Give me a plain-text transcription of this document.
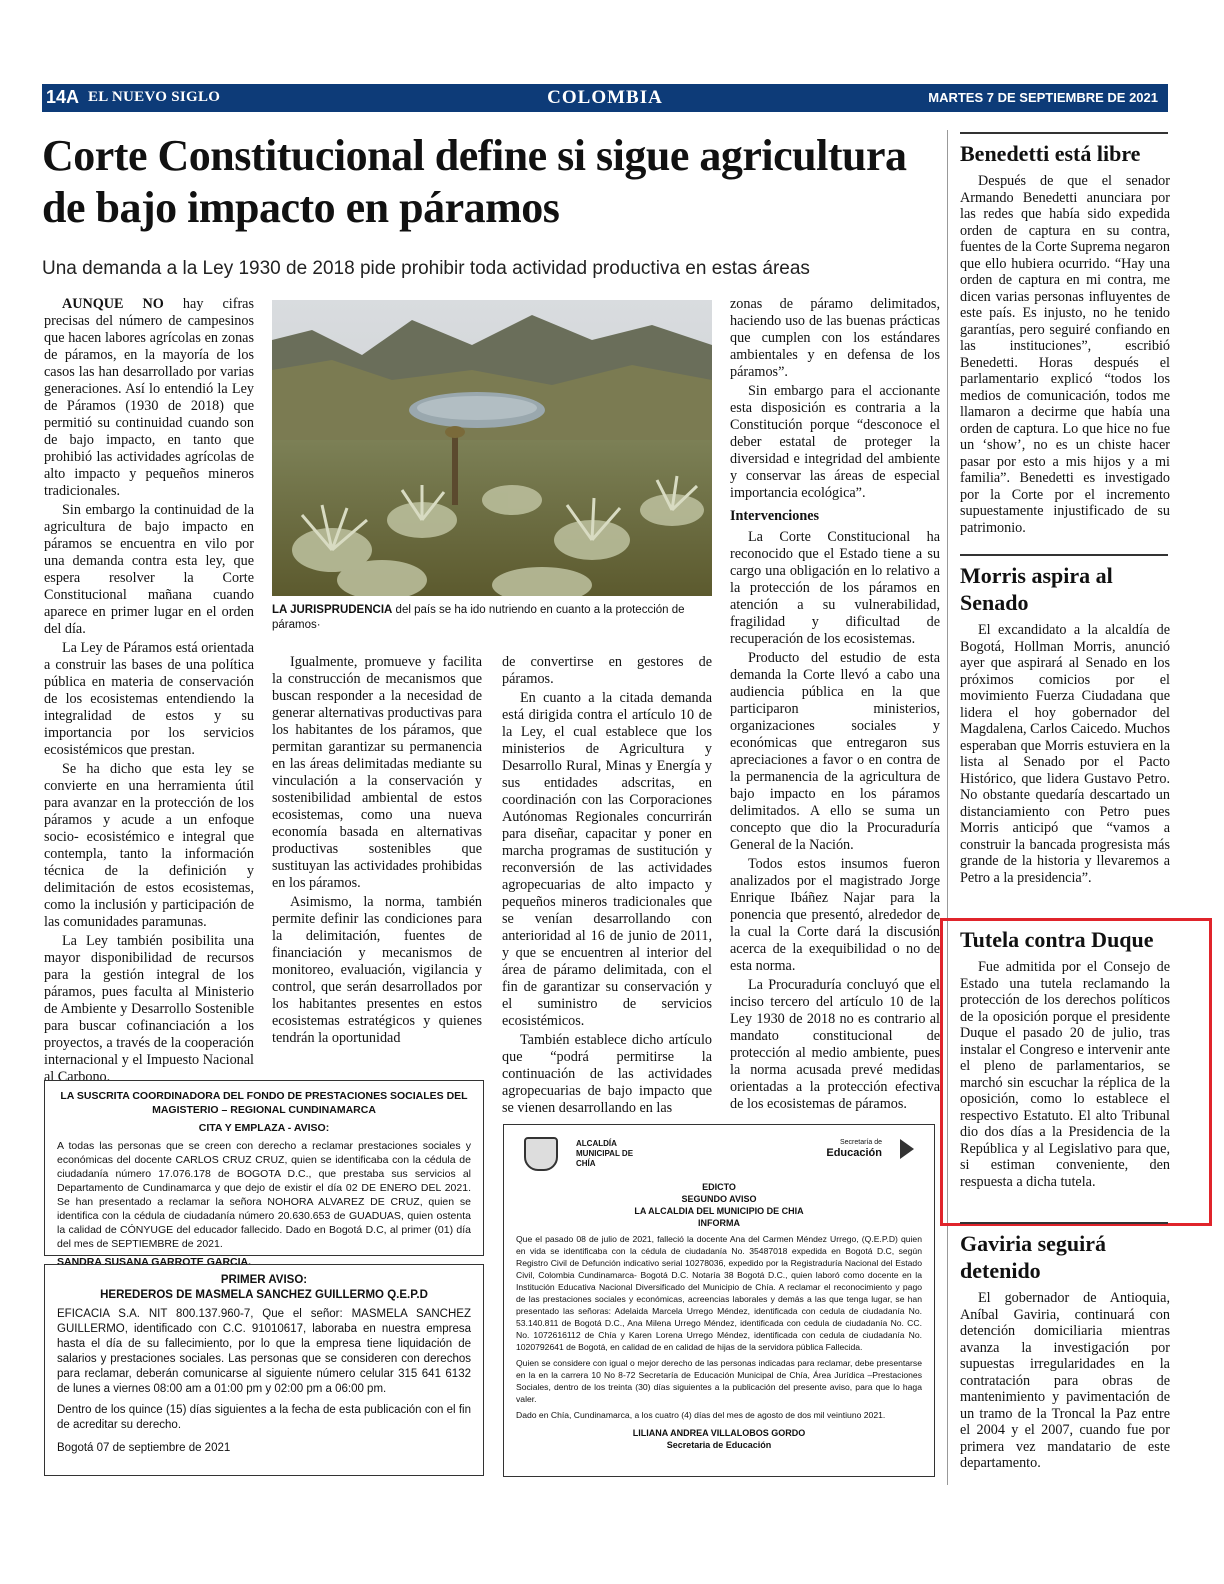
14A EL NUEVO SIGLO	COLOMBIA	MARTES 7 DE SEPTIEMBRE DE 2021
Corte Constitucional define si sigue agricultura de bajo impacto en páramos
Una demanda a la Ley 1930 de 2018 pide prohibir toda actividad productiva en estas áreas

AUNQUE NO hay cifras precisas del número de campesinos que hacen labores agrícolas en zonas de páramos, en la mayoría de los casos las han desarrollado por varias generaciones. Así lo entendió la Ley de Páramos (1930 de 2018) que permitió su continuidad cuando son de bajo impacto, en tanto que prohibió las actividades agrícolas de alto impacto y pequeños mineros tradicionales.

Sin embargo la continuidad de la agricultura de bajo impacto en páramos se encuentra en vilo por una demanda contra esta ley, que espera resolver la Corte Constitucional mañana cuando aparece en primer lugar en el orden del día.

La Ley de Páramos está orientada a construir las bases de una política pública en materia de conservación de los ecosistemas entendiendo la integralidad de estos y su importancia por los servicios ecosistémicos que prestan.

Se ha dicho que esta ley se convierte en una herramienta útil para avanzar en la protección de los páramos y acude a un enfoque socio- ecosistémico e integral que contempla, tanto la información técnica de la definición y delimitación de estos ecosistemas, como la inclusión y participación de las comunidades paramunas.

La Ley también posibilita una mayor disponibilidad de recursos para la gestión integral de los páramos, pues faculta al Ministerio de Ambiente y Desarrollo Sostenible para buscar cofinanciación a los proyectos, a través de la cooperación internacional y el Impuesto Nacional al Carbono.

LA JURISPRUDENCIA del país se ha ido nutriendo en cuanto a la protección de páramos·

Igualmente, promueve y facilita la construcción de mecanismos que buscan responder a la necesidad de generar alternativas productivas para los habitantes de los páramos, que permitan garantizar su permanencia en las áreas delimitadas mediante su vinculación a la conservación y sostenibilidad ambiental de estos ecosistemas, como una nueva economía basada en alternativas productivas sostenibles que sustituyan las actividades prohibidas en los páramos.

Asimismo, la norma, también permite definir las condiciones para la delimitación, fuentes de financiación y mecanismos de monitoreo, evaluación, vigilancia y control, que serán desarrollados por los habitantes presentes en estos ecosistemas estratégicos y quienes tendrán la oportunidad

de convertirse en gestores de páramos.

En cuanto a la citada demanda está dirigida contra el artículo 10 de la Ley, el cual establece que los ministerios de Agricultura y Desarrollo Rural, Minas y Energía y sus entidades adscritas, en coordinación con las Corporaciones Autónomas Regionales concurrirán para diseñar, capacitar y poner en marcha programas de sustitución y reconversión de las actividades agropecuarias de alto impacto y pequeños mineros tradicionales que se venían desarrollando con anterioridad al 16 de junio de 2011, y que se encuentren al interior del área de páramo delimitada, con el fin de garantizar su conservación y el suministro de servicios ecosistémicos.

También establece dicho artículo que “podrá permitirse la continuación de las actividades agropecuarias de bajo impacto que se vienen desarrollando en las

zonas de páramo delimitados, haciendo uso de las buenas prácticas que cumplen con los estándares ambientales y en defensa de los páramos”.

Sin embargo para el accionante esta disposición es contraria a la Constitución porque “desconoce el deber estatal de proteger la diversidad e integridad del ambiente y conservar las áreas de especial importancia ecológica”.

Intervenciones

La Corte Constitucional ha reconocido que el Estado tiene a su cargo una obligación en lo relativo a la protección de los páramos en atención a su vulnerabilidad, fragilidad y dificultad de recuperación de los ecosistemas.

Producto del estudio de esta demanda la Corte llevó a cabo una audiencia pública en la que participaron ministerios, organizaciones sociales y económicas que entregaron sus apreciaciones a favor o en contra de la permanencia de la agricultura de bajo impacto en los páramos delimitados. A ello se suma un concepto que dio la Procuraduría General de la Nación.

Todos estos insumos fueron analizados por el magistrado Jorge Enrique Ibáñez Najar para la ponencia que presentó, alrededor de la cual la Corte dará la discusión acerca de la exequibilidad o no de esta norma.

La Procuraduría concluyó que el inciso tercero del artículo 10 de la Ley 1930 de 2018 no es contrario al mandato constitucional de protección al medio ambiente, pues la norma acusada prevé medidas orientadas a la protección efectiva de los ecosistemas de páramos.

Benedetti está libre

Después de que el senador Armando Benedetti anunciara por las redes que había sido expedida orden de captura en su contra, fuentes de la Corte Suprema negaron que ello hubiera ocurrido. “Hay una orden de captura en mi contra, me dicen varias personas influyentes de este país. Es injusto, no he tenido garantías, pero seguiré confiando en las instituciones”, escribió Benedetti. Horas después el parlamentario explicó “todos los medios de comunicación, todos me llamaron a decirme que había una orden de captura. Lo que hice no fue un ‘show’, no es un chiste hacer pasar por esto a mis hijos y a mi familia”. Benedetti es investigado por la Corte por el incremento supuestamente injustificado de su patrimonio.

Morris aspira al Senado

El excandidato a la alcaldía de Bogotá, Hollman Morris, anunció ayer que aspirará al Senado en los próximos comicios por el movimiento Fuerza Ciudadana que lidera el hoy gobernador del Magdalena, Carlos Caicedo. Muchos esperaban que Morris estuviera en la lista al Senado por el Pacto Histórico, que lidera Gustavo Petro. No obstante quedaría descartado un distanciamiento con Petro pues Morris anticipó que “vamos a construir la bancada progresista más grande de la historia y llevaremos a Petro a la presidencia”.

Tutela contra Duque

Fue admitida por el Consejo de Estado una tutela reclamando la protección de los derechos políticos de la oposición porque el presidente Duque el pasado 20 de julio, tras instalar el Congreso e intervenir ante el pleno de parlamentarios, se marchó sin escuchar la réplica de la oposición, como lo establece el respectivo Estatuto. El alto Tribunal dio dos días a la Presidencia de la República y al Legislativo para que, si estiman conveniente, den respuesta a dicha tutela.

Gaviria seguirá detenido

El gobernador de Antioquia, Aníbal Gaviria, continuará con detención domiciliaria mientras avanza la investigación por supuestas irregularidades en la contratación para obras de mantenimiento y pavimentación de un tramo de la Troncal la Paz entre el 2004 y el 2007, cuando fue por primera vez mandatario de este departamento.

LA SUSCRITA COORDINADORA DEL FONDO DE PRESTACIONES SOCIALES DEL
MAGISTERIO – REGIONAL CUNDINAMARCA
CITA Y EMPLAZA - AVISO:
A todas las personas que se creen con derecho a reclamar prestaciones sociales y económicas del docente CARLOS CRUZ CRUZ, quien se identificaba con la cédula de ciudadanía número 17.076.178 de BOGOTA D.C., que prestaba sus servicios al Departamento de Cundinamarca y que dejo de existir el día 02 DE ENERO DEL 2021. Se han presentado a reclamar la señora NOHORA ALVAREZ DE CRUZ, quien se identifica con la cédula de ciudadanía número 20.630.653 de GUADUAS, quien ostenta la calidad de CÓNYUGE del educador fallecido. Dado en Bogotá D.C, al primer (01) día del mes de SEPTIEMBRE de 2021.
SANDRA SUSANA GARROTE GARCIA.
PRIMER AVISO:
HEREDEROS DE MASMELA SANCHEZ GUILLERMO Q.E.P.D
EFICACIA S.A. NIT 800.137.960-7, Que el señor: MASMELA SANCHEZ GUILLERMO, identificado con C.C. 91010617, laboraba en nuestra empresa hasta el día de su fallecimiento, por lo que la empresa tiene liquidación de salarios y prestaciones sociales. Las personas que se consideren con derechos para reclamar, deberán comunicarse al siguiente número celular 315 641 6132 de lunes a viernes 08:00 am a 01:00 pm y 02:00 pm a 06:00 pm.
Dentro de los quince (15) días siguientes a la fecha de esta publicación con el fin de acreditar su derecho.
Bogotá 07 de septiembre de 2021
ALCALDÍA MUNICIPAL DE CHÍA
Secretaría de
Educación
EDICTO
SEGUNDO AVISO
LA ALCALDIA DEL MUNICIPIO DE CHIA
INFORMA
Que el pasado 08 de julio de 2021, falleció la docente Ana del Carmen Méndez Urrego, (Q.E.P.D) quien en vida se identificaba con la cédula de ciudadanía No. 35487018 expedida en Bogotá D.C, según Registro Civil de Defunción indicativo serial 10278036, expedido por la Registraduría Nacional del Estado Civil, Colombia Cundinamarca- Bogotá D.C. Notaría 38 Bogotá D.C., quien laboró como docente en la Institución Educativa Nacional Diversificado del Municipio de Chía. A reclamar el reconocimiento y pago de las prestaciones sociales y económicas, acreencias laborales y demás a las que tenga lugar, se han presentado las señoras: Adelaida Marcela Urrego Méndez, identificada con cedula de ciudadanía No. 53.140.811 de Bogotá D.C., Ana Milena Urrego Méndez, identificada con cedula de ciudadanía No. CC. No. 1072616112 de Chía y Karen Lorena Urrego Méndez, identificada con cedula de ciudadanía No. 1020792641 de Bogotá, en calidad de en calidad de hijas de la servidora pública Fallecida.
Quien se considere con igual o mejor derecho de las personas indicadas para reclamar, debe presentarse en la en la carrera 10 No 8-72 Secretaría de Educación Municipal de Chía, Área Jurídica –Prestaciones Sociales, dentro de los treinta (30) días siguientes a la publicación del presente aviso, para que lo haga valer.
Dado en Chía, Cundinamarca, a los cuatro (4) días del mes de agosto de dos mil veintiuno 2021.
LILIANA ANDREA VILLALOBOS GORDO
Secretaria de Educación
